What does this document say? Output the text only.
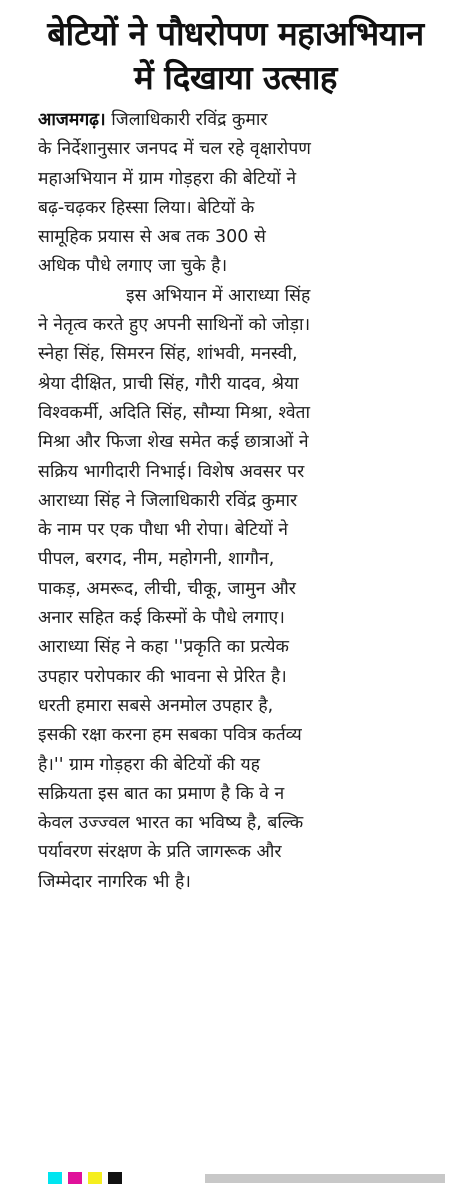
बेटियों ने पौधरोपण महाअभियान
में दिखाया उत्साह
आजमगढ़। जिलाधिकारी रविंद्र कुमार
के निर्देशानुसार जनपद में चल रहे वृक्षारोपण
महाअभियान में ग्राम गोड़हरा की बेटियों ने
बढ़-चढ़कर हिस्सा लिया। बेटियों के
सामूहिक प्रयास से अब तक 300 से
अधिक पौधे लगाए जा चुके है।
इस अभियान में आराध्या सिंह
ने नेतृत्व करते हुए अपनी साथिनों को जोड़ा।
स्नेहा सिंह, सिमरन सिंह, शांभवी, मनस्वी,
श्रेया दीक्षित, प्राची सिंह, गौरी यादव, श्रेया
विश्वकर्मी, अदिति सिंह, सौम्या मिश्रा, श्वेता
मिश्रा और फिजा शेख समेत कई छात्राओं ने
सक्रिय भागीदारी निभाई। विशेष अवसर पर
आराध्या सिंह ने जिलाधिकारी रविंद्र कुमार
के नाम पर एक पौधा भी रोपा। बेटियों ने
पीपल, बरगद, नीम, महोगनी, शागौन,
पाकड़, अमरूद, लीची, चीकू, जामुन और
अनार सहित कई किस्मों के पौधे लगाए।
आराध्या सिंह ने कहा ''प्रकृति का प्रत्येक
उपहार परोपकार की भावना से प्रेरित है।
धरती हमारा सबसे अनमोल उपहार है,
इसकी रक्षा करना हम सबका पवित्र कर्तव्य
है।'' ग्राम गोड़हरा की बेटियों की यह
सक्रियता इस बात का प्रमाण है कि वे न
केवल उज्ज्वल भारत का भविष्य है, बल्कि
पर्यावरण संरक्षण के प्रति जागरूक और
जिम्मेदार नागरिक भी है।
